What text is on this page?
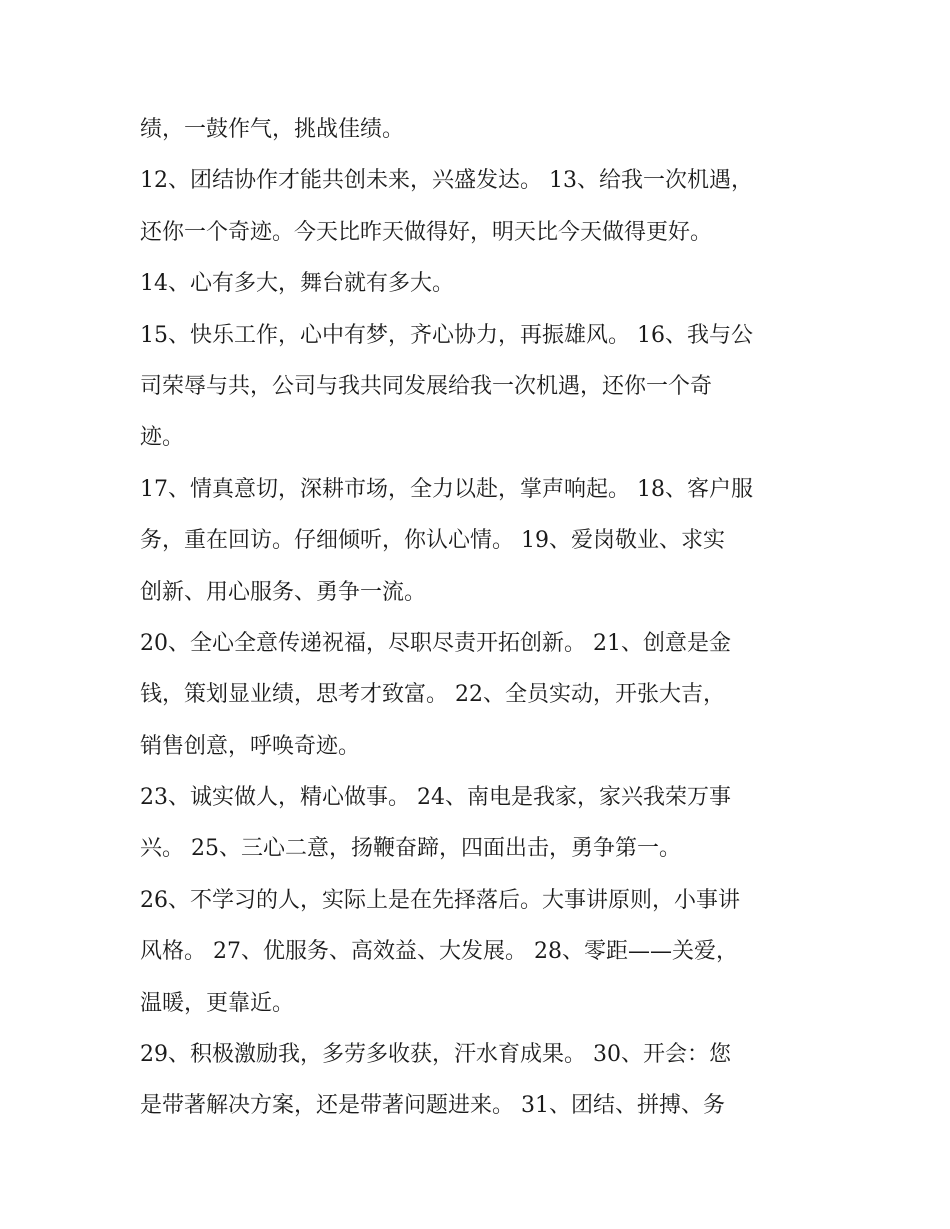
绩，一鼓作气，挑战佳绩。
12、团结协作才能共创未来，兴盛发达。 13、给我一次机遇，
还你一个奇迹。今天比昨天做得好，明天比今天做得更好。
14、心有多大，舞台就有多大。
15、快乐工作，心中有梦，齐心协力，再振雄风。 16、我与公
司荣辱与共，公司与我共同发展给我一次机遇，还你一个奇
迹。
17、情真意切，深耕市场，全力以赴，掌声响起。 18、客户服
务，重在回访。仔细倾听，你认心情。 19、爱岗敬业、求实
创新、用心服务、勇争一流。
20、全心全意传递祝福，尽职尽责开拓创新。 21、创意是金
钱，策划显业绩，思考才致富。 22、全员实动，开张大吉，
销售创意，呼唤奇迹。
23、诚实做人，精心做事。 24、南电是我家，家兴我荣万事
兴。 25、三心二意，扬鞭奋蹄，四面出击，勇争第一。
26、不学习的人，实际上是在先择落后。大事讲原则，小事讲
风格。 27、优服务、高效益、大发展。 28、零距——关爱，
温暖，更靠近。
29、积极激励我，多劳多收获，汗水育成果。 30、开会：您
是带著解决方案，还是带著问题进来。 31、团结、拼搏、务
